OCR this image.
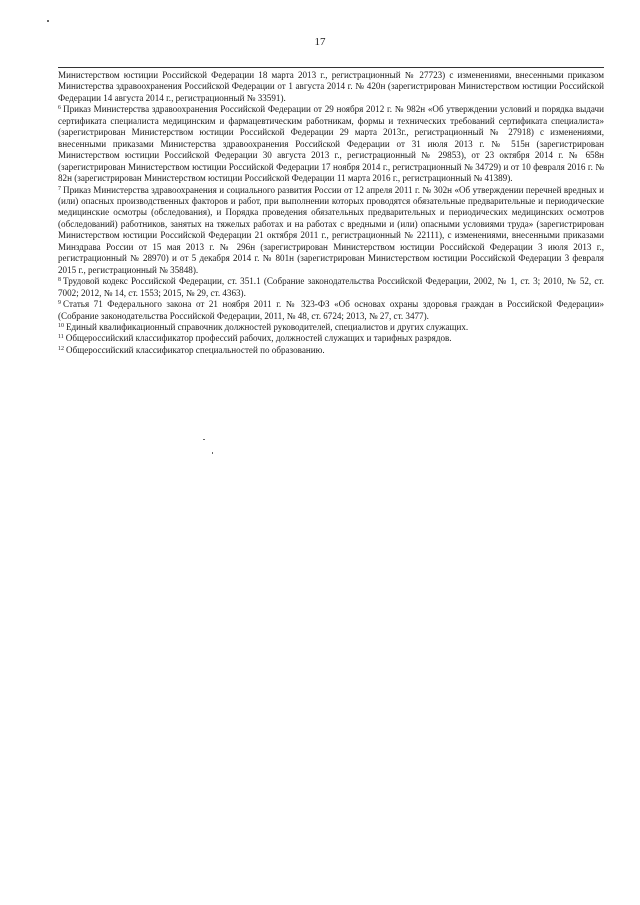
17

Министерством юстиции Российской Федерации 18 марта 2013 г., регистрационный № 27723) с изменениями, внесенными приказом Министерства здравоохранения Российской Федерации от 1 августа 2014 г. № 420н (зарегистрирован Министерством юстиции Российской Федерации 14 августа 2014 г., регистрационный № 33591).

$^6$ Приказ Министерства здравоохранения Российской Федерации от 29 ноября 2012 г. № 982н «Об утверждении условий и порядка выдачи сертификата специалиста медицинским и фармацевтическим работникам, формы и технических требований сертификата специалиста» (зарегистрирован Министерством юстиции Российской Федерации 29 марта 2013г., регистрационный № 27918) с изменениями, внесенными приказами Министерства здравоохранения Российской Федерации от 31 июля 2013 г. № 515н (зарегистрирован Министерством юстиции Российской Федерации 30 августа 2013 г., регистрационный № 29853), от 23 октября 2014 г. № 658н (зарегистрирован Министерством юстиции Российской Федерации 17 ноября 2014 г., регистрационный № 34729) и от 10 февраля 2016 г. № 82н (зарегистрирован Министерством юстиции Российской Федерации 11 марта 2016 г., регистрационный № 41389).

$^7$ Приказ Министерства здравоохранения и социального развития России от 12 апреля 2011 г. № 302н «Об утверждении перечней вредных и (или) опасных производственных факторов и работ, при выполнении которых проводятся обязательные предварительные и периодические медицинские осмотры (обследования), и Порядка проведения обязательных предварительных и периодических медицинских осмотров (обследований) работников, занятых на тяжелых работах и на работах с вредными и (или) опасными условиями труда» (зарегистрирован Министерством юстиции Российской Федерации 21 октября 2011 г., регистрационный № 22111), с изменениями, внесенными приказами Минздрава России от 15 мая 2013 г. № 296н (зарегистрирован Министерством юстиции Российской Федерации 3 июля 2013 г., регистрационный № 28970) и от 5 декабря 2014 г. № 801н (зарегистрирован Министерством юстиции Российской Федерации 3 февраля 2015 г., регистрационный № 35848).

$^8$ Трудовой кодекс Российской Федерации, ст. 351.1 (Собрание законодательства Российской Федерации, 2002, № 1, ст. 3; 2010, № 52, ст. 7002; 2012, № 14, ст. 1553; 2015, № 29, ст. 4363).

$^9$ Статья 71 Федерального закона от 21 ноября 2011 г. № 323-ФЗ «Об основах охраны здоровья граждан в Российской Федерации» (Собрание законодательства Российской Федерации, 2011, № 48, ст. 6724; 2013, № 27, ст. 3477).

$^{10}$ Единый квалификационный справочник должностей руководителей, специалистов и других служащих.

$^{11}$ Общероссийский классификатор профессий рабочих, должностей служащих и тарифных разрядов.

$^{12}$ Общероссийский классификатор специальностей по образованию.
